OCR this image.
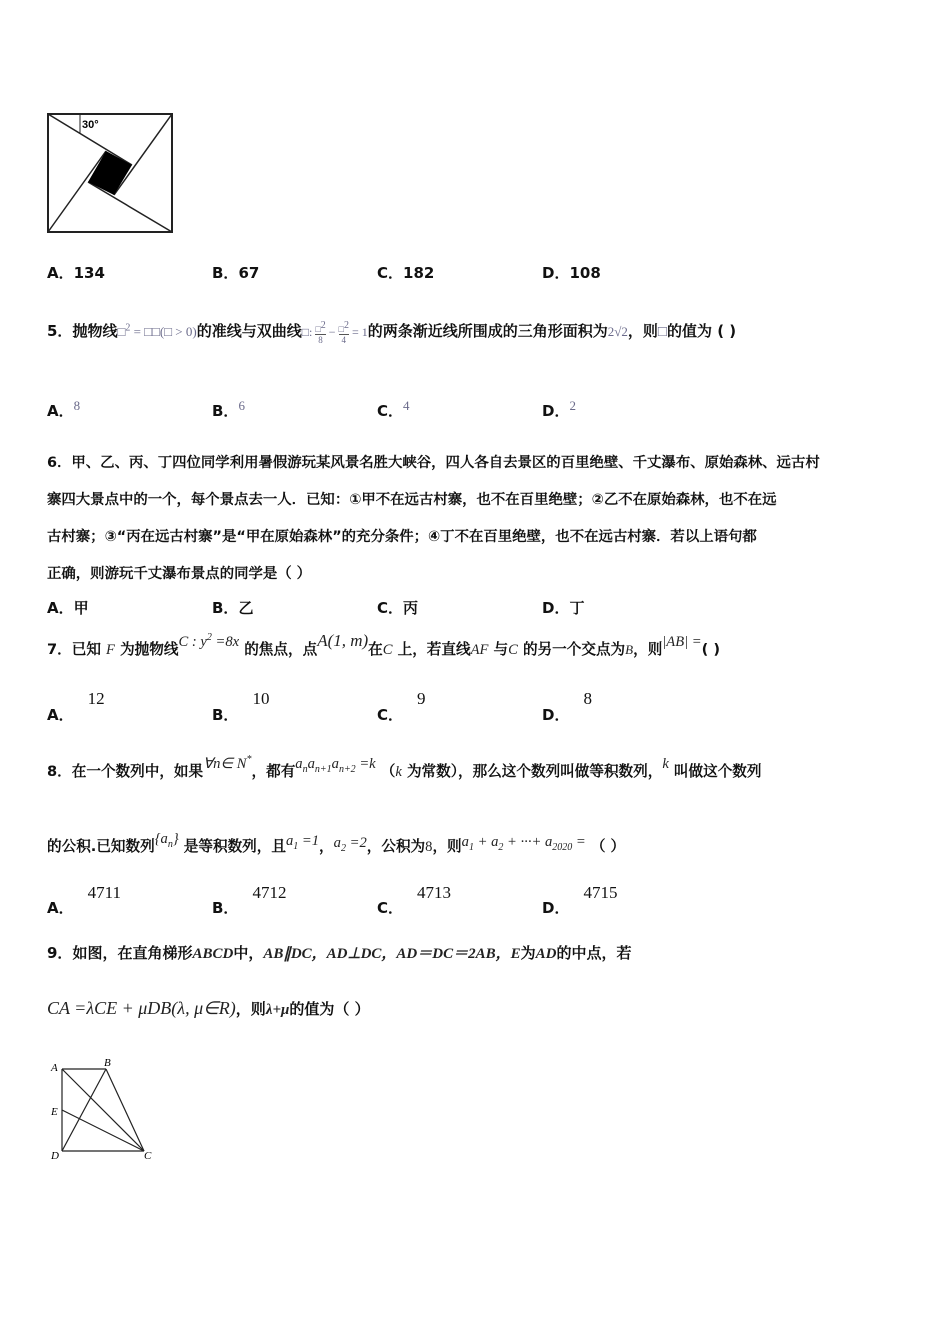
30°
A．134	B．67	C．182	D．108
5．抛物线□$^2$ = □□(□ > 0)的准线与双曲线□: $\frac{□^2}{8} - \frac{□^2}{4} = 1$的两条渐近线所围成的三角形面积为2√2，则□的值为 ( )
A．$^8$	B．$^6$	C．$^4$	D．$^2$
6．甲、乙、丙、丁四位同学利用暑假游玩某风景名胜大峡谷，四人各自去景区的百里绝壁、千丈瀑布、原始森林、远古村
寨四大景点中的一个，每个景点去一人．已知：①甲不在远古村寨，也不在百里绝壁；②乙不在原始森林，也不在远
古村寨；③“丙在远古村寨”是“甲在原始森林”的充分条件；④丁不在百里绝壁，也不在远古村寨．若以上语句都
正确，则游玩千丈瀑布景点的同学是（ ）
A．甲	B．乙	C．丙	D．丁
7．已知 F 为抛物线C : $y^2 =8x$ 的焦点，点A(1, m)在C 上，若直线AF 与C 的另一个交点为B，则|AB| =( )
A．12
B．10
C．9
D．8
8．在一个数列中，如果∀n∈ N*，都有$a_na_{n+1}a_{n+2} =k$ （k 为常数），那么这个数列叫做等积数列，k 叫做这个数列
的公积.已知数列$\{a_n\}$ 是等积数列，且$a_1 =1$，$a_2 =2$，公积为8，则$a_1 + a_2$ + ···+ $a_{2020}$ = （ ）
A．4711
B．4712
C．4713
D．4715
9．如图，在直角梯形ABCD中，AB∥DC，AD⊥DC，AD＝DC＝2AB，E为AD的中点，若
CA =λCE + μDB(λ, μ∈R)，则λ+μ的值为（ ）
A	B
E
D	C
